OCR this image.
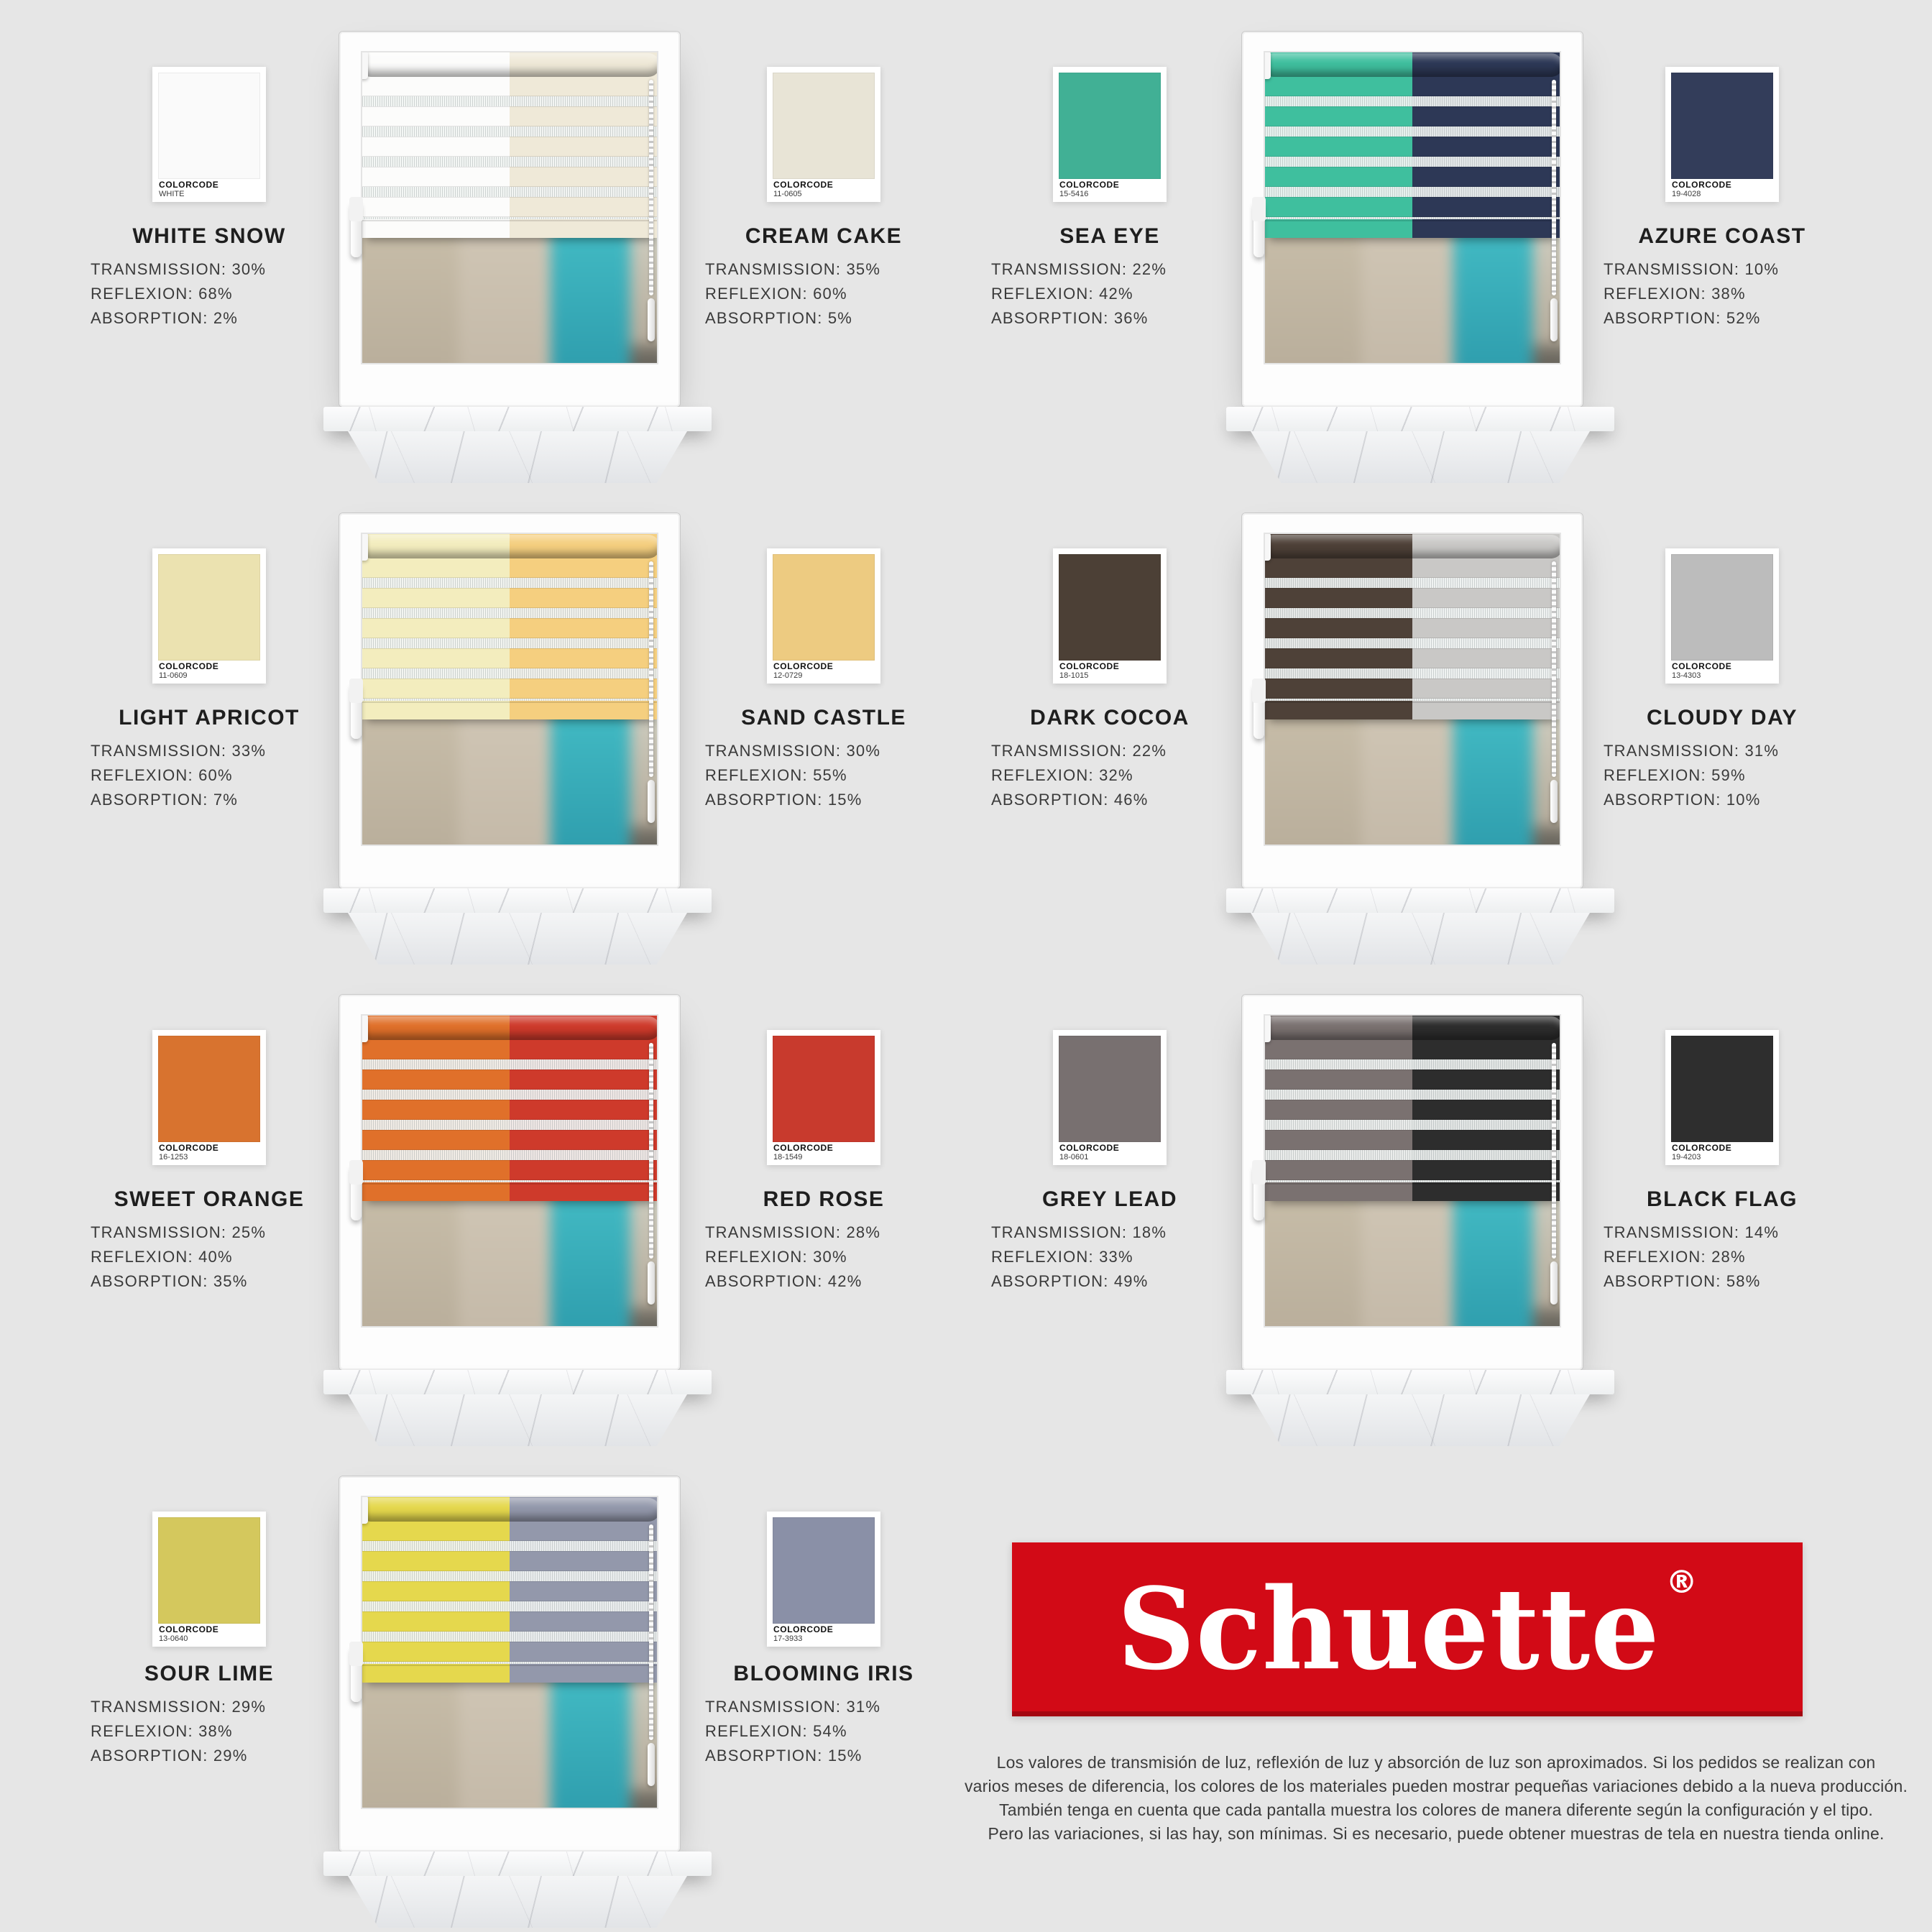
COLORCODE
WHITE
WHITE SNOW
TRANSMISSION: 30%
REFLEXION: 68%
ABSORPTION: 2%
COLORCODE
11-0605
CREAM CAKE
TRANSMISSION: 35%
REFLEXION: 60%
ABSORPTION: 5%
COLORCODE
15-5416
SEA EYE
TRANSMISSION: 22%
REFLEXION: 42%
ABSORPTION: 36%
COLORCODE
19-4028
AZURE COAST
TRANSMISSION: 10%
REFLEXION: 38%
ABSORPTION: 52%
COLORCODE
11-0609
LIGHT APRICOT
TRANSMISSION: 33%
REFLEXION: 60%
ABSORPTION: 7%
COLORCODE
12-0729
SAND CASTLE
TRANSMISSION: 30%
REFLEXION: 55%
ABSORPTION: 15%
COLORCODE
18-1015
DARK COCOA
TRANSMISSION: 22%
REFLEXION: 32%
ABSORPTION: 46%
COLORCODE
13-4303
CLOUDY DAY
TRANSMISSION: 31%
REFLEXION: 59%
ABSORPTION: 10%
COLORCODE
16-1253
SWEET ORANGE
TRANSMISSION: 25%
REFLEXION: 40%
ABSORPTION: 35%
COLORCODE
18-1549
RED ROSE
TRANSMISSION: 28%
REFLEXION: 30%
ABSORPTION: 42%
COLORCODE
18-0601
GREY LEAD
TRANSMISSION: 18%
REFLEXION: 33%
ABSORPTION: 49%
COLORCODE
19-4203
BLACK FLAG
TRANSMISSION: 14%
REFLEXION: 28%
ABSORPTION: 58%
COLORCODE
13-0640
SOUR LIME
TRANSMISSION: 29%
REFLEXION: 38%
ABSORPTION: 29%
COLORCODE
17-3933
BLOOMING IRIS
TRANSMISSION: 31%
REFLEXION: 54%
ABSORPTION: 15%
Schuette ®
Los valores de transmisión de luz, reflexión de luz y absorción de luz son aproximados. Si los pedidos se realizan con
varios meses de diferencia, los colores de los materiales pueden mostrar pequeñas variaciones debido a la nueva producción.
También tenga en cuenta que cada pantalla muestra los colores de manera diferente según la configuración y el tipo.
Pero las variaciones, si las hay, son mínimas. Si es necesario, puede obtener muestras de tela en nuestra tienda online.
